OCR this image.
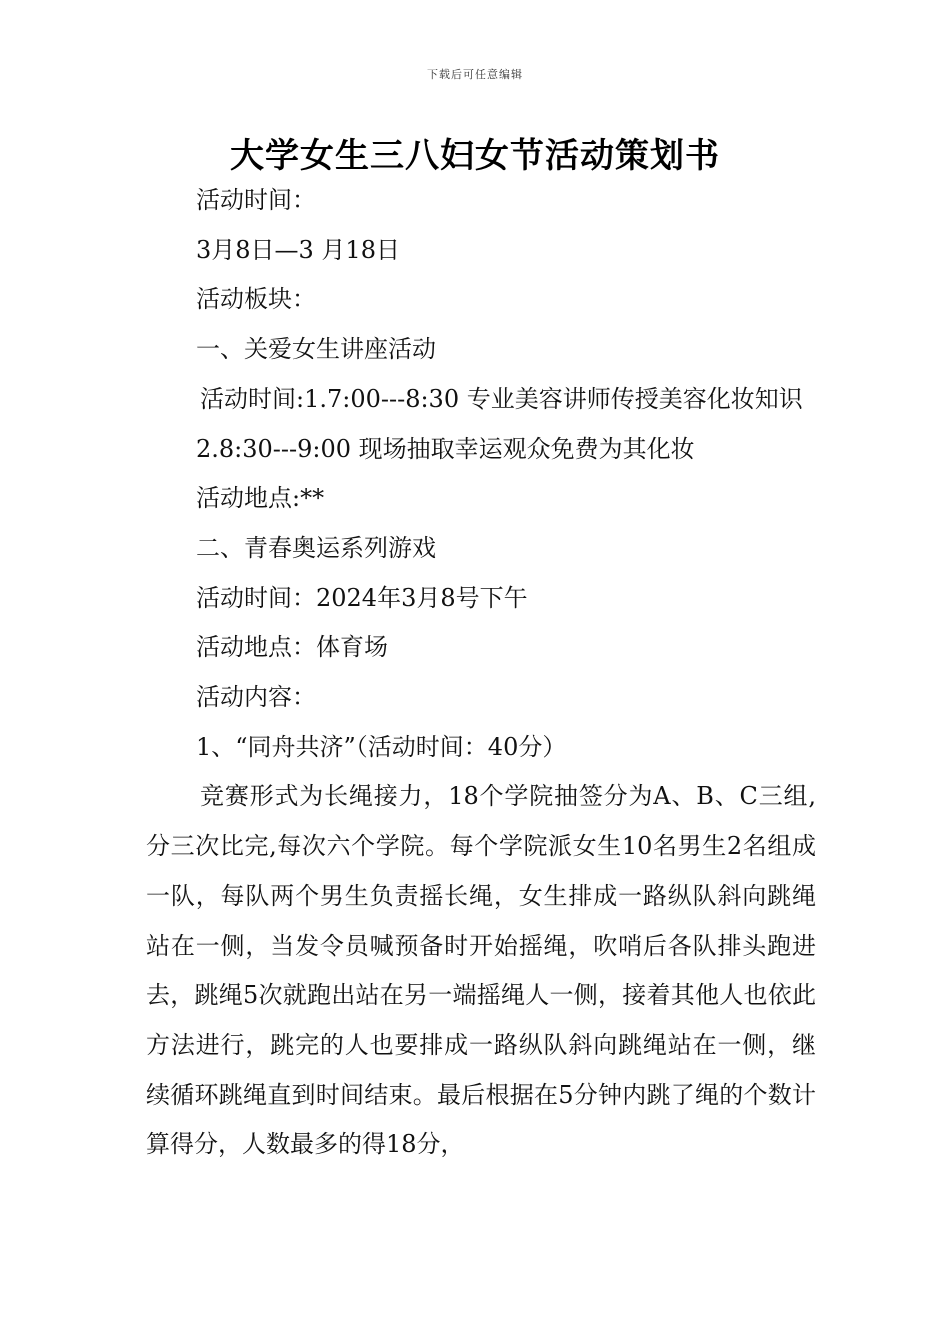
下载后可任意编辑
大学女生三八妇女节活动策划书

活动时间：

3月8日—3 月18日

活动板块：

一、关爱女生讲座活动

活动时间:1.7:00---8:30 专业美容讲师传授美容化妆知识

2.8:30---9:00 现场抽取幸运观众免费为其化妆

活动地点:**

二、青春奥运系列游戏

活动时间：2024年3月8号下午

活动地点：体育场

活动内容：

1、“同舟共济”（活动时间：40分）

竞赛形式为长绳接力，18个学院抽签分为A、B、C三组,分三次比完,每次六个学院。每个学院派女生10名男生2名组成一队，每队两个男生负责摇长绳，女生排成一路纵队斜向跳绳站在一侧，当发令员喊预备时开始摇绳，吹哨后各队排头跑进去，跳绳5次就跑出站在另一端摇绳人一侧，接着其他人也依此方法进行，跳完的人也要排成一路纵队斜向跳绳站在一侧，继续循环跳绳直到时间结束。最后根据在5分钟内跳了绳的个数计算得分，人数最多的得18分，
